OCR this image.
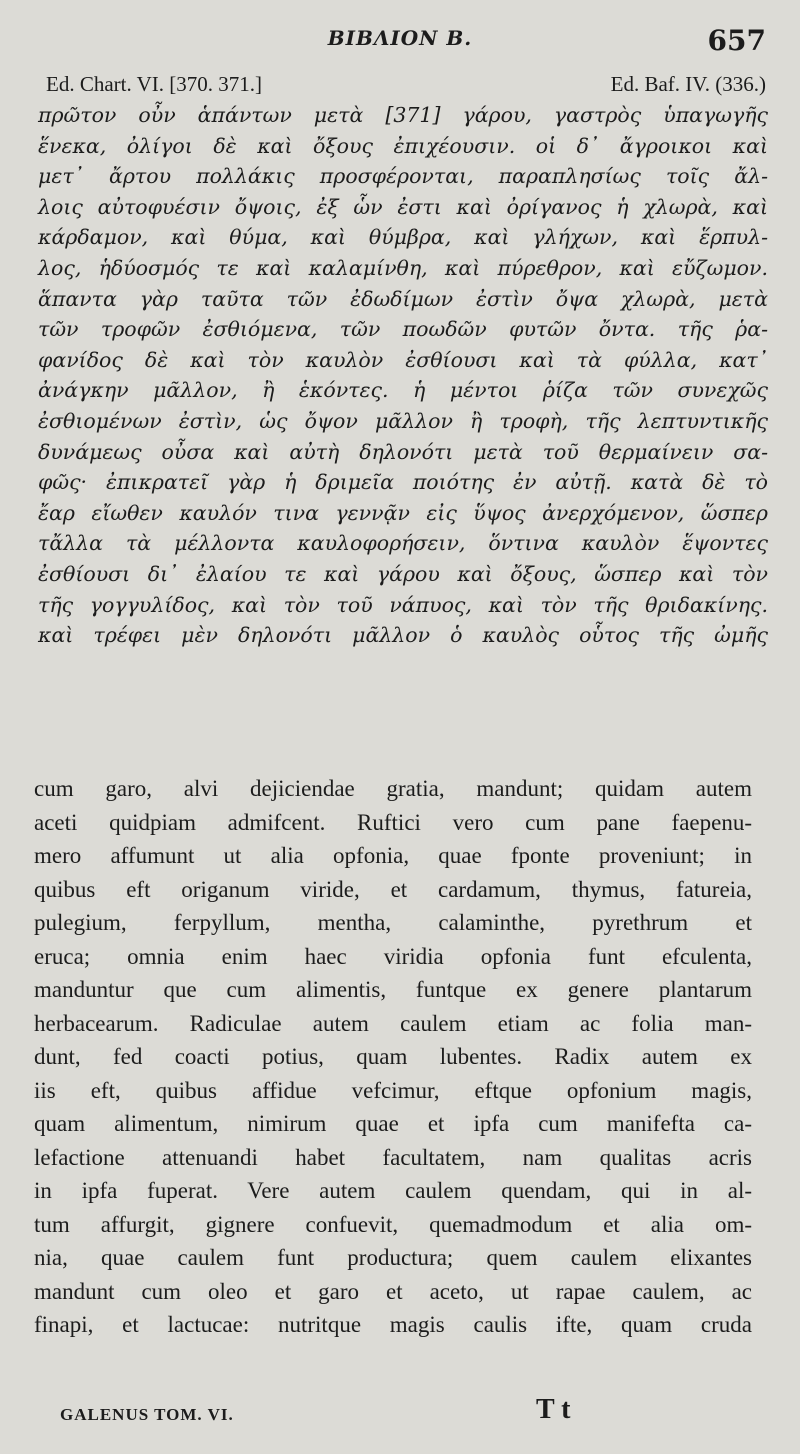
ΒΙΒΛΙΟΝ Β.	657
Ed. Chart. VI. [370. 371.]	Ed. Baf. IV. (336.)
πρῶτον οὖν ἁπάντων μετὰ [371] γάρου, γαστρὸς ὑπαγωγῆς
ἕνεκα, ὀλίγοι δὲ καὶ ὄξους ἐπιχέουσιν. οἱ δ᾽ ἄγροικοι καὶ
μετ᾽ ἄρτου πολλάκις προσφέρονται, παραπλησίως τοῖς ἄλ-
λοις αὐτοφυέσιν ὄψοις, ἐξ ὧν ἐστι καὶ ὀρίγανος ἡ χλωρὰ, καὶ
κάρδαμον, καὶ θύμα, καὶ θύμβρα, καὶ γλήχων, καὶ ἕρπυλ-
λος, ἡδύοσμός τε καὶ καλαμίνθη, καὶ πύρεθρον, καὶ εὔζωμον.
ἅπαντα γὰρ ταῦτα τῶν ἐδωδίμων ἐστὶν ὄψα χλωρὰ, μετὰ
τῶν τροφῶν ἐσθιόμενα, τῶν ποωδῶν φυτῶν ὄντα. τῆς ῥα-
φανίδος δὲ καὶ τὸν καυλὸν ἐσθίουσι καὶ τὰ φύλλα, κατ᾽
ἀνάγκην μᾶλλον, ἢ ἑκόντες. ἡ μέντοι ῥίζα τῶν συνεχῶς
ἐσθιομένων ἐστὶν, ὡς ὄψον μᾶλλον ἢ τροφὴ, τῆς λεπτυντικῆς
δυνάμεως οὖσα καὶ αὐτὴ δηλονότι μετὰ τοῦ θερμαίνειν σα-
φῶς· ἐπικρατεῖ γὰρ ἡ δριμεῖα ποιότης ἐν αὐτῇ. κατὰ δὲ τὸ
ἔαρ εἴωθεν καυλόν τινα γεννᾷν εἰς ὕψος ἀνερχόμενον, ὥσπερ
τἄλλα τὰ μέλλοντα καυλοφορήσειν, ὅντινα καυλὸν ἕψοντες
ἐσθίουσι δι᾽ ἐλαίου τε καὶ γάρου καὶ ὄξους, ὥσπερ καὶ τὸν
τῆς γογγυλίδος, καὶ τὸν τοῦ νάπυος, καὶ τὸν τῆς θριδακίνης.
καὶ τρέφει μὲν δηλονότι μᾶλλον ὁ καυλὸς οὗτος τῆς ὠμῆς
cum garo, alvi dejiciendae gratia, mandunt; quidam autem
aceti quidpiam admifcent. Ruftici vero cum pane faepenu-
mero affumunt ut alia opfonia, quae fponte proveniunt; in
quibus eft origanum viride, et cardamum, thymus, fatureia,
pulegium, ferpyllum, mentha, calaminthe, pyrethrum et
eruca; omnia enim haec viridia opfonia funt efculenta,
manduntur que cum alimentis, funtque ex genere plantarum
herbacearum. Radiculae autem caulem etiam ac folia man-
dunt, fed coacti potius, quam lubentes. Radix autem ex
iis eft, quibus affidue vefcimur, eftque opfonium magis,
quam alimentum, nimirum quae et ipfa cum manifefta ca-
lefactione attenuandi habet facultatem, nam qualitas acris
in ipfa fuperat. Vere autem caulem quendam, qui in al-
tum affurgit, gignere confuevit, quemadmodum et alia om-
nia, quae caulem funt productura; quem caulem elixantes
mandunt cum oleo et garo et aceto, ut rapae caulem, ac
finapi, et lactucae: nutritque magis caulis ifte, quam cruda
GALENUS TOM. VI.	T t
